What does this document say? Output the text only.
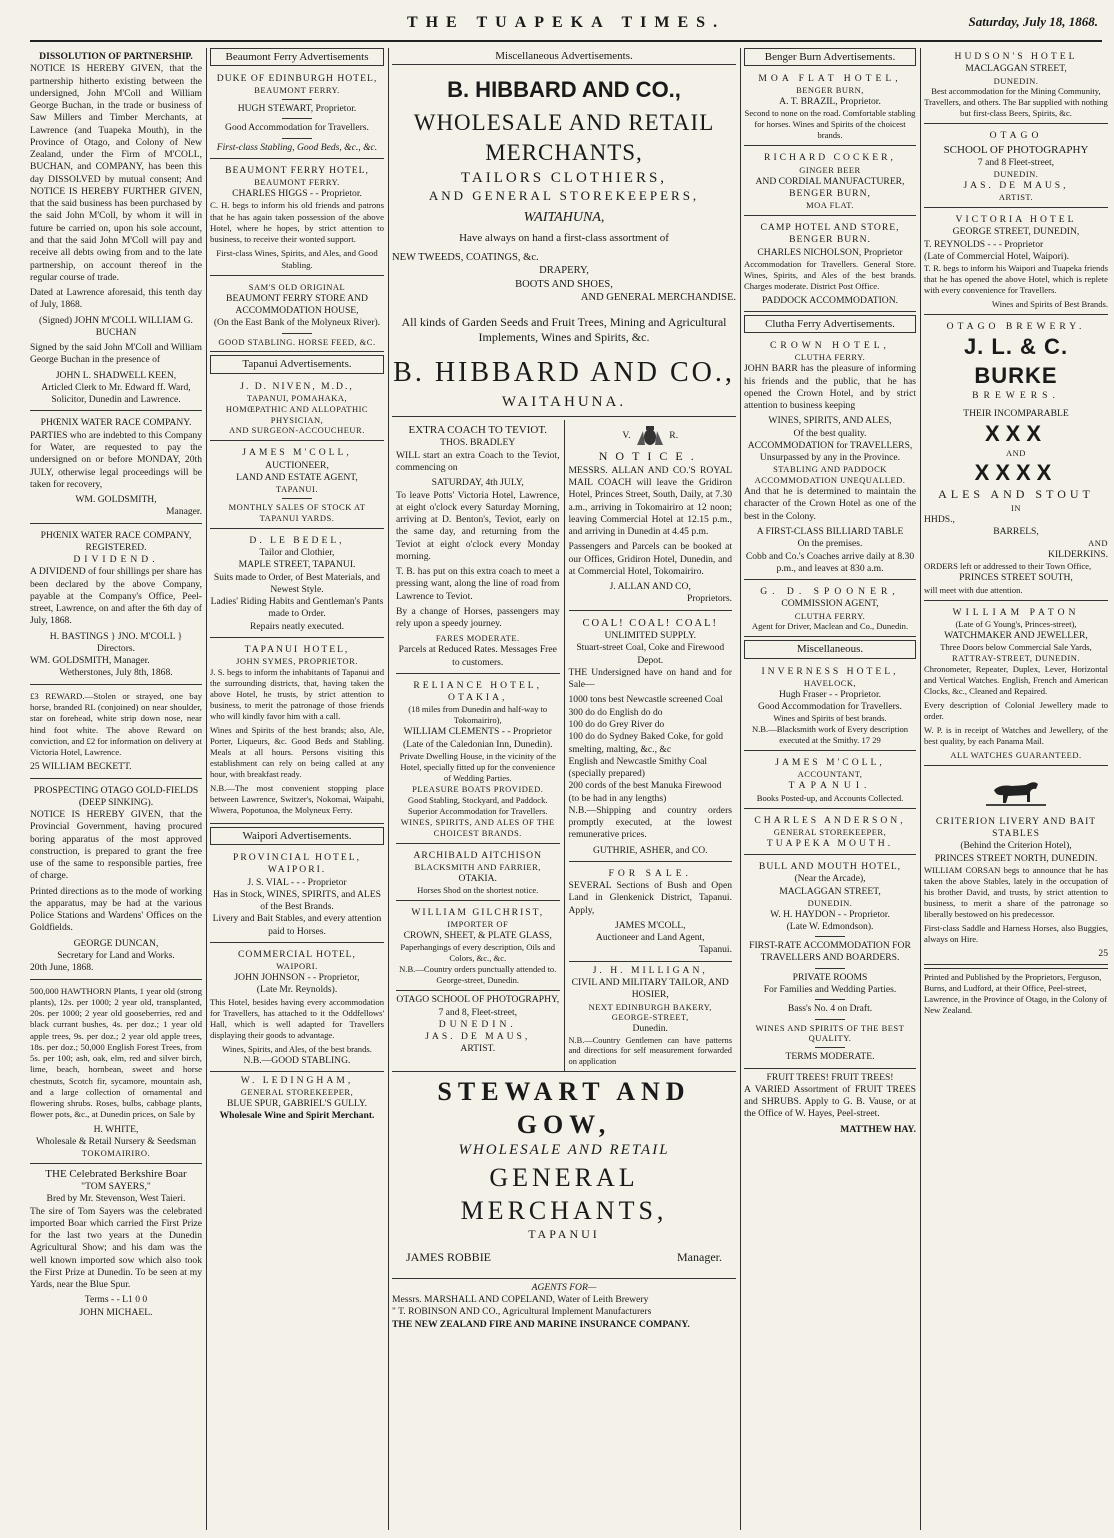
THE TUAPEKA TIMES.	Saturday, July 18, 1868.
DISSOLUTION OF PARTNERSHIP.

NOTICE IS HEREBY GIVEN, that the partnership hitherto existing between the undersigned, John M'Coll and William George Buchan, in the trade or business of Saw Millers and Timber Merchants, at Lawrence (and Tuapeka Mouth), in the Province of Otago, and Colony of New Zealand, under the Firm of M'COLL, BUCHAN, and COMPANY, has been this day DISSOLVED by mutual consent; And NOTICE IS HEREBY FURTHER GIVEN, that the said business has been purchased by the said John M'Coll, by whom it will in future be carried on, upon his sole account, and that the said John M'Coll will pay and receive all debts owing from and to the late partnership, on account thereof in the regular course of trade.

Dated at Lawrence aforesaid, this tenth day of July, 1868.

(Signed) JOHN M'COLL WILLIAM G. BUCHAN

Signed by the said John M'Coll and William George Buchan in the presence of

JOHN L. SHADWELL KEEN,
Articled Clerk to Mr. Edward ff. Ward, Solicitor, Dunedin and Lawrence.
PHŒNIX WATER RACE COMPANY.

PARTIES who are indebted to this Company for Water, are requested to pay the undersigned on or before MONDAY, 20th JULY, otherwise legal proceedings will be taken for recovery,

WM. GOLDSMITH,
Manager.
PHŒNIX WATER RACE COMPANY, REGISTERED.
DIVIDEND.

A DIVIDEND of four shillings per share has been declared by the above Company, payable at the Company's Office, Peel-street, Lawrence, on and after the 6th day of July, 1868.

H. BASTINGS } JNO. M'COLL } Directors.
WM. GOLDSMITH, Manager.
Wetherstones, July 8th, 1868.

£3 REWARD.—Stolen or strayed, one bay horse, branded RL (conjoined) on near shoulder, star on forehead, white strip down nose, near hind foot white. The above Reward on conviction, and £2 for information on delivery at Victoria Hotel, Lawrence.

25 WILLIAM BECKETT.
PROSPECTING OTAGO GOLD-FIELDS (DEEP SINKING).

NOTICE IS HEREBY GIVEN, that the Provincial Government, having procured boring apparatus of the most approved construction, is prepared to grant the free use of the same to responsible parties, free of charge.

Printed directions as to the mode of working the apparatus, may be had at the various Police Stations and Wardens' Offices on the Goldfields.

GEORGE DUNCAN,
Secretary for Land and Works.
20th June, 1868.

500,000 HAWTHORN Plants, 1 year old (strong plants), 12s. per 1000; 2 year old, transplanted, 20s. per 1000; 2 year old gooseberries, red and black currant bushes, 4s. per doz.; 1 year old apple trees, 9s. per doz.; 2 year old apple trees, 18s. per doz.; 50,000 English Forest Trees, from 5s. per 100; ash, oak, elm, red and silver birch, lime, beach, hornbean, sweet and horse chestnuts, Scotch fir, sycamore, mountain ash, and a large collection of ornamental and flowering shrubs. Roses, bulbs, cabbage plants, flower pots, &c., at Dunedin prices, on Sale by

H. WHITE,
Wholesale & Retail Nursery & Seedsman
TOKOMAIRIRO.
THE Celebrated Berkshire Boar
"TOM SAYERS,"
Bred by Mr. Stevenson, West Taieri.

The sire of Tom Sayers was the celebrated imported Boar which carried the First Prize for the last two years at the Dunedin Agricultural Show; and his dam was the well known imported sow which also took the First Prize at Dunedin. To be seen at my Yards, near the Blue Spur.

Terms - - L1 0 0
JOHN MICHAEL.
Beaumont Ferry Advertisements
DUKE OF EDINBURGH HOTEL,
BEAUMONT FERRY.
HUGH STEWART, Proprietor.
Good Accommodation for Travellers.
First-class Stabling, Good Beds, &c., &c.
BEAUMONT FERRY HOTEL,
BEAUMONT FERRY.
CHARLES HIGGS - - Proprietor.

C. H. begs to inform his old friends and patrons that he has again taken possession of the above Hotel, where he hopes, by strict attention to business, to receive their wonted support.

First-class Wines, Spirits, and Ales, and Good Stabling.
SAM'S OLD ORIGINAL
BEAUMONT FERRY STORE AND ACCOMMODATION HOUSE,
(On the East Bank of the Molyneux River).
GOOD STABLING. HORSE FEED, &C.
Tapanui Advertisements.
J. D. NIVEN, M.D.,
TAPANUI, POMAHAKA,
HOMŒPATHIC AND ALLOPATHIC PHYSICIAN,
AND SURGEON-ACCOUCHEUR.
JAMES M'COLL,
AUCTIONEER,
LAND AND ESTATE AGENT,
TAPANUI.
MONTHLY SALES OF STOCK AT TAPANUI YARDS.
D. LE BEDEL,
Tailor and Clothier,
MAPLE STREET, TAPANUI.
Suits made to Order, of Best Materials, and Newest Style.
Ladies' Riding Habits and Gentleman's Pants made to Order.
Repairs neatly executed.
TAPANUI HOTEL,
JOHN SYMES, PROPRIETOR.

J. S. begs to inform the inhabitants of Tapanui and the surrounding districts, that, having taken the above Hotel, he trusts, by strict attention to business, to merit the patronage of those friends who will kindly favor him with a call.

Wines and Spirits of the best brands; also, Ale, Porter, Liqueurs, &c. Good Beds and Stabling. Meals at all hours. Persons visiting this establishment can rely on being called at any hour, with breakfast ready.

N.B.—The most convenient stopping place between Lawrence, Switzer's, Nokomai, Waipahi, Wiwera, Popotunoa, the Molyneux Ferry.

Waipori Advertisements.
PROVINCIAL HOTEL, WAIPORI.
J. S. VIAL - - - Proprietor
Has in Stock, WINES, SPIRITS, and ALES of the Best Brands.
Livery and Bait Stables, and every attention paid to Horses.
COMMERCIAL HOTEL,
WAIPORI.
JOHN JOHNSON - - Proprietor,
(Late Mr. Reynolds).

This Hotel, besides having every accommodation for Travellers, has attached to it the Oddfellows' Hall, which is well adapted for Travellers displaying their goods to advantage.

Wines, Spirits, and Ales, of the best brands.
N.B.—GOOD STABLING.
W. LEDINGHAM,
GENERAL STOREKEEPER,
BLUE SPUR, GABRIEL'S GULLY.
Wholesale Wine and Spirit Merchant.
Miscellaneous Advertisements.
B. HIBBARD AND CO.,
WHOLESALE AND RETAIL MERCHANTS,
TAILORS CLOTHIERS,
AND GENERAL STOREKEEPERS,
WAITAHUNA,
Have always on hand a first-class assortment of
NEW TWEEDS, COATINGS, &c.
DRAPERY,
BOOTS AND SHOES,
AND GENERAL MERCHANDISE.
All kinds of Garden Seeds and Fruit Trees, Mining and Agricultural Implements, Wines and Spirits, &c.
B. HIBBARD AND CO.,
WAITAHUNA.
EXTRA COACH TO TEVIOT.
THOS. BRADLEY

WILL start an extra Coach to the Teviot, commencing on

SATURDAY, 4th JULY,

To leave Potts' Victoria Hotel, Lawrence, at eight o'clock every Saturday Morning, arriving at D. Benton's, Teviot, early on the same day, and returning from the Teviot at eight o'clock every Monday morning.

T. B. has put on this extra coach to meet a pressing want, along the line of road from Lawrence to Teviot.

By a change of Horses, passengers may rely upon a speedy journey.

FARES MODERATE.
Parcels at Reduced Rates. Messages Free to customers.
RELIANCE HOTEL, OTAKIA,
(18 miles from Dunedin and half-way to Tokomairiro),
WILLIAM CLEMENTS - - Proprietor
(Late of the Caledonian Inn, Dunedin).
Private Dwelling House, in the vicinity of the Hotel, specially fitted up for the convenience of Wedding Parties.
PLEASURE BOATS PROVIDED.
Good Stabling, Stockyard, and Paddock.
Superior Accommodation for Travellers.
WINES, SPIRITS, AND ALES OF THE CHOICEST BRANDS.
ARCHIBALD AITCHISON
BLACKSMITH AND FARRIER,
OTAKIA.
Horses Shod on the shortest notice.
WILLIAM GILCHRIST,
IMPORTER OF
CROWN, SHEET, & PLATE GLASS,
Paperhangings of every description, Oils and Colors, &c., &c.
N.B.—Country orders punctually attended to.
George-street, Dunedin.
OTAGO SCHOOL OF PHOTOGRAPHY,
7 and 8, Fleet-street,
DUNEDIN.
JAS. DE MAUS,
ARTIST.
V.	R.
NOTICE.

MESSRS. ALLAN AND CO.'S ROYAL MAIL COACH will leave the Gridiron Hotel, Princes Street, South, Daily, at 7.30 a.m., arriving in Tokomairiro at 12 noon; leaving Commercial Hotel at 12.15 p.m., and arriving in Dunedin at 4.45 p.m.

Passengers and Parcels can be booked at our Offices, Gridiron Hotel, Dunedin, and at Commercial Hotel, Tokomairiro.

J. ALLAN AND CO,
Proprietors.
COAL! COAL! COAL!
UNLIMITED SUPPLY.
Stuart-street Coal, Coke and Firewood Depot.

THE Undersigned have on hand and for Sale—

1000 tons best Newcastle screened Coal
300 do do English do do
100 do do Grey River do
100 do do Sydney Baked Coke, for gold smelting, malting, &c., &c
English and Newcastle Smithy Coal (specially prepared)
200 cords of the best Manuka Firewood (to be had in any lengths)

N.B.—Shipping and country orders promptly executed, at the lowest remunerative prices.

GUTHRIE, ASHER, and CO.
FOR SALE.

SEVERAL Sections of Bush and Open Land in Glenkenick District, Tapanui. Apply,

JAMES M'COLL,
Auctioneer and Land Agent,
Tapanui.
J. H. MILLIGAN,
CIVIL AND MILITARY TAILOR, AND HOSIER,
NEXT EDINBURGH BAKERY, GEORGE-STREET,
Dunedin.

N.B.—Country Gentlemen can have patterns and directions for self measurement forwarded on application

STEWART AND GOW,
WHOLESALE AND RETAIL
GENERAL MERCHANTS,
TAPANUI
JAMES ROBBIE	Manager.
AGENTS FOR—
Messrs. MARSHALL AND COPELAND, Water of Leith Brewery
" T. ROBINSON AND CO., Agricultural Implement Manufacturers
THE NEW ZEALAND FIRE AND MARINE INSURANCE COMPANY.
Benger Burn Advertisements.
MOA FLAT HOTEL,
BENGER BURN,
A. T. BRAZIL, Proprietor.
Second to none on the road. Comfortable stabling for horses. Wines and Spirits of the choicest brands.
RICHARD COCKER,
GINGER BEER
AND CORDIAL MANUFACTURER,
BENGER BURN,
MOA FLAT.
CAMP HOTEL AND STORE, BENGER BURN.
CHARLES NICHOLSON, Proprietor

Accommodation for Travellers. General Store. Wines, Spirits, and Ales of the best brands. Charges moderate. District Post Office.

PADDOCK ACCOMMODATION.
Clutha Ferry Advertisements.
CROWN HOTEL,
CLUTHA FERRY.

JOHN BARR has the pleasure of informing his friends and the public, that he has opened the Crown Hotel, and by strict attention to business keeping

WINES, SPIRITS, AND ALES,
Of the best quality.
ACCOMMODATION for TRAVELLERS,
Unsurpassed by any in the Province.
STABLING AND PADDOCK ACCOMMODATION UNEQUALLED.

And that he is determined to maintain the character of the Crown Hotel as one of the best in the Colony.

A FIRST-CLASS BILLIARD TABLE
On the premises.
Cobb and Co.'s Coaches arrive daily at 8.30 p.m., and leaves at 830 a.m.
G. D. SPOONER,
COMMISSION AGENT,
CLUTHA FERRY.
Agent for Driver, Maclean and Co., Dunedin.
Miscellaneous.
INVERNESS HOTEL,
HAVELOCK,
Hugh Fraser - - Proprietor.
Good Accommodation for Travellers.
Wines and Spirits of best brands.
N.B.—Blacksmith work of Every description executed at the Smithy. 17 29
JAMES M'COLL,
ACCOUNTANT,
TAPANUI.
Books Posted-up, and Accounts Collected.
CHARLES ANDERSON,
GENERAL STOREKEEPER,
TUAPEKA MOUTH.
BULL AND MOUTH HOTEL,
(Near the Arcade),
MACLAGGAN STREET,
DUNEDIN.
W. H. HAYDON - - Proprietor.
(Late W. Edmondson).
FIRST-RATE ACCOMMODATION FOR TRAVELLERS AND BOARDERS.
PRIVATE ROOMS
For Families and Wedding Parties.
Bass's No. 4 on Draft.
WINES AND SPIRITS OF THE BEST QUALITY.
TERMS MODERATE.
FRUIT TREES! FRUIT TREES!

A VARIED Assortment of FRUIT TREES and SHRUBS. Apply to G. B. Vause, or at the Office of W. Hayes, Peel-street.

MATTHEW HAY.
HUDSON'S HOTEL
MACLAGGAN STREET,
DUNEDIN.
Best accommodation for the Mining Community, Travellers, and others. The Bar supplied with nothing but first-class Beers, Spirits, &c.
OTAGO
SCHOOL OF PHOTOGRAPHY
7 and 8 Fleet-street,
DUNEDIN.
JAS. DE MAUS,
ARTIST.
VICTORIA HOTEL
GEORGE STREET, DUNEDIN,
T. REYNOLDS - - - Proprietor
(Late of Commercial Hotel, Waipori).

T. R. begs to inform his Waipori and Tuapeka friends that he has opened the above Hotel, which is replete with every convenience for Travellers.

Wines and Spirits of Best Brands.
OTAGO BREWERY.
J. L. & C. BURKE
BREWERS.
THEIR INCOMPARABLE
XXX
AND
XXXX
ALES AND STOUT
IN
HHDS.,
BARRELS,
AND
KILDERKINS.
ORDERS left or addressed to their Town Office,
PRINCES STREET SOUTH,
will meet with due attention.
WILLIAM PATON
(Late of G Young's, Princes-street),
WATCHMAKER AND JEWELLER,
Three Doors below Commercial Sale Yards,
RATTRAY-STREET, DUNEDIN.

Chronometer, Repeater, Duplex, Lever, Horizontal and Vertical Watches. English, French and American Clocks, &c., Cleaned and Repaired.

Every description of Colonial Jewellery made to order.

W. P. is in receipt of Watches and Jewellery, of the best quality, by each Panama Mail.

ALL WATCHES GUARANTEED.
CRITERION LIVERY AND BAIT STABLES
(Behind the Criterion Hotel),
PRINCES STREET NORTH, DUNEDIN.

WILLIAM CORSAN begs to announce that he has taken the above Stables, lately in the occupation of his brother David, and trusts, by strict attention to business, to merit a share of the patronage so liberally bestowed on his predecessor.

First-class Saddle and Harness Horses, also Buggies, always on Hire.

25
Printed and Published by the Proprietors, Ferguson, Burns, and Ludford, at their Office, Peel-street, Lawrence, in the Province of Otago, in the Colony of New Zealand.
